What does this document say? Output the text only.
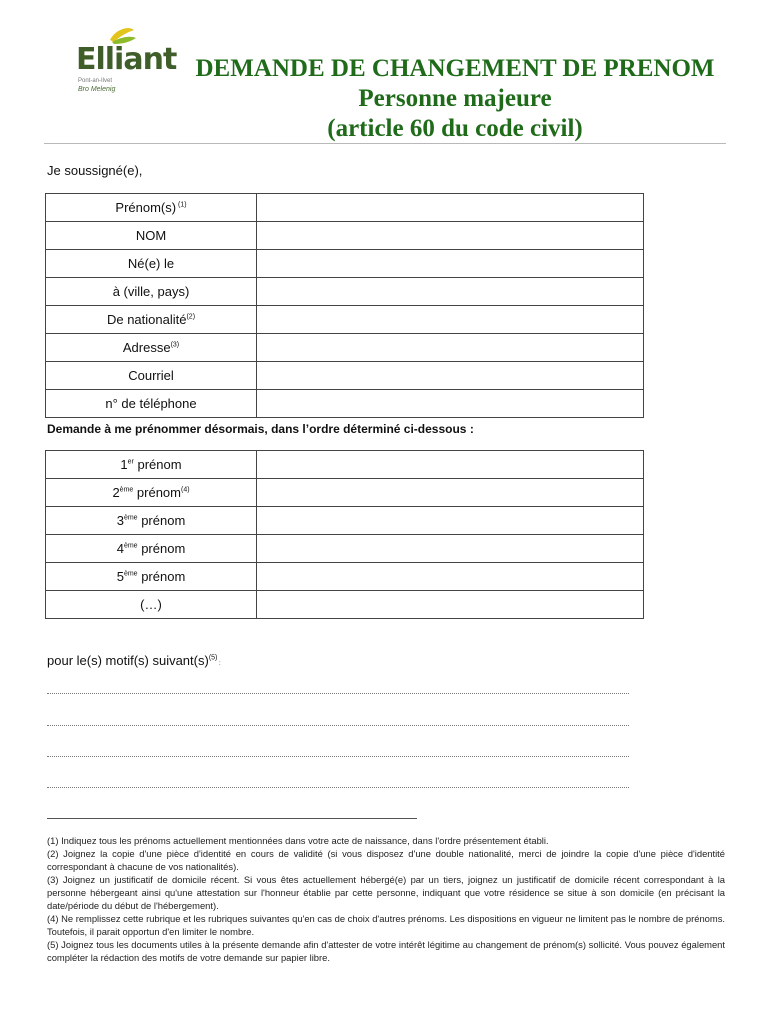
Elliant
Pont-an-Ilvet
Bro Melenig
DEMANDE DE CHANGEMENT DE PRENOM
Personne majeure
(article 60 du code civil)
Je soussigné(e),
Prénom(s) $^{(1)}$	
NOM	
Né(e) le	
à (ville, pays)	
De nationalité$^{(2)}$	
Adresse$^{(3)}$	
Courriel	
n° de téléphone	
Demande à me prénommer désormais, dans l’ordre déterminé ci-dessous :
1er prénom	
2ème prénom$^{(4)}$	
3ème prénom	
4ème prénom	
5ème prénom	
(…)	
pour le(s) motif(s) $suivant(s)^{(5)}$ :

(1) Indiquez tous les prénoms actuellement mentionnées dans votre acte de naissance, dans l'ordre présentement établi.

(2) Joignez la copie d'une pièce d'identité en cours de validité (si vous disposez d'une double nationalité, merci de joindre la copie d'une pièce d'identité correspondant à chacune de vos nationalités).

(3) Joignez un justificatif de domicile récent. Si vous êtes actuellement hébergé(e) par un tiers, joignez un justificatif de domicile récent correspondant à la personne hébergeant ainsi qu'une attestation sur l'honneur établie par cette personne, indiquant que votre résidence se situe à son domicile (en précisant la date/période du début de l'hébergement).

(4) Ne remplissez cette rubrique et les rubriques suivantes qu'en cas de choix d'autres prénoms. Les dispositions en vigueur ne limitent pas le nombre de prénoms. Toutefois, il parait opportun d'en limiter le nombre.

(5) Joignez tous les documents utiles à la présente demande afin d'attester de votre intérêt légitime au changement de prénom(s) sollicité. Vous pouvez également compléter la rédaction des motifs de votre demande sur papier libre.
